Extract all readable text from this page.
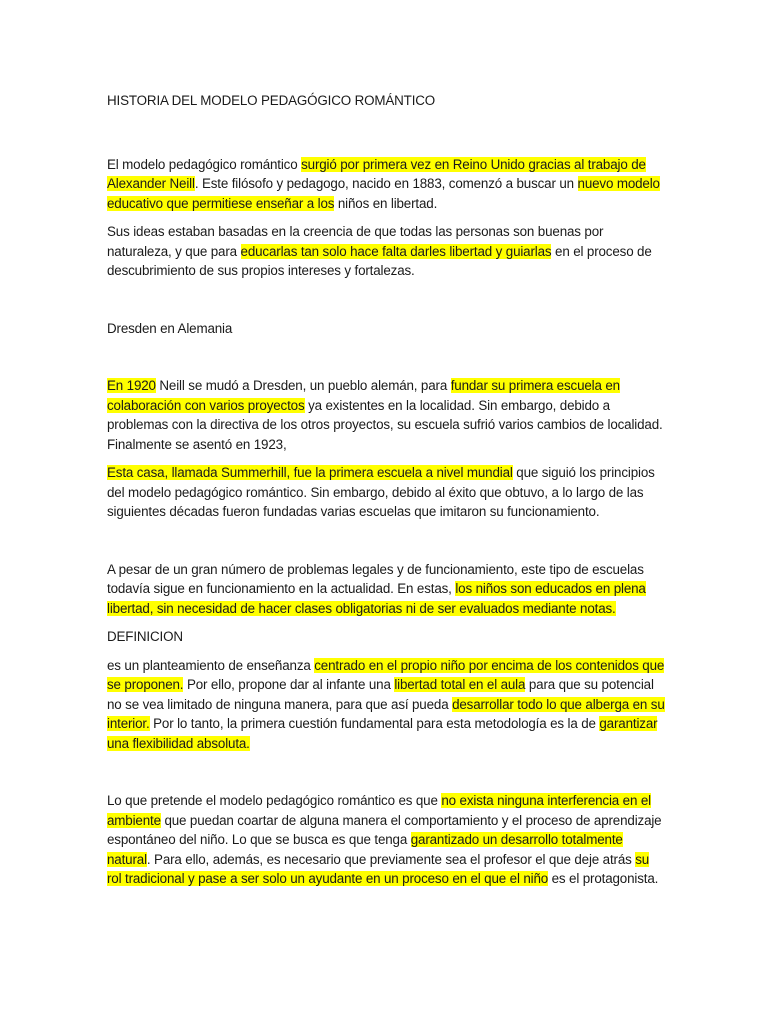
HISTORIA DEL MODELO PEDAGÓGICO ROMÁNTICO

El modelo pedagógico romántico surgió por primera vez en Reino Unido gracias al trabajo de Alexander Neill. Este filósofo y pedagogo, nacido en 1883, comenzó a buscar un nuevo modelo educativo que permitiese enseñar a los niños en libertad.

Sus ideas estaban basadas en la creencia de que todas las personas son buenas por naturaleza, y que para educarlas tan solo hace falta darles libertad y guiarlas en el proceso de descubrimiento de sus propios intereses y fortalezas.

Dresden en Alemania

En 1920 Neill se mudó a Dresden, un pueblo alemán, para fundar su primera escuela en colaboración con varios proyectos ya existentes en la localidad. Sin embargo, debido a problemas con la directiva de los otros proyectos, su escuela sufrió varios cambios de localidad. Finalmente se asentó en 1923,

Esta casa, llamada Summerhill, fue la primera escuela a nivel mundial que siguió los principios del modelo pedagógico romántico. Sin embargo, debido al éxito que obtuvo, a lo largo de las siguientes décadas fueron fundadas varias escuelas que imitaron su funcionamiento.

A pesar de un gran número de problemas legales y de funcionamiento, este tipo de escuelas todavía sigue en funcionamiento en la actualidad. En estas, los niños son educados en plena libertad, sin necesidad de hacer clases obligatorias ni de ser evaluados mediante notas.

DEFINICION

es un planteamiento de enseñanza centrado en el propio niño por encima de los contenidos que se proponen. Por ello, propone dar al infante una libertad total en el aula para que su potencial no se vea limitado de ninguna manera, para que así pueda desarrollar todo lo que alberga en su interior. Por lo tanto, la primera cuestión fundamental para esta metodología es la de garantizar una flexibilidad absoluta.

Lo que pretende el modelo pedagógico romántico es que no exista ninguna interferencia en el ambiente que puedan coartar de alguna manera el comportamiento y el proceso de aprendizaje espontáneo del niño. Lo que se busca es que tenga garantizado un desarrollo totalmente natural. Para ello, además, es necesario que previamente sea el profesor el que deje atrás su rol tradicional y pase a ser solo un ayudante en un proceso en el que el niño es el protagonista.
